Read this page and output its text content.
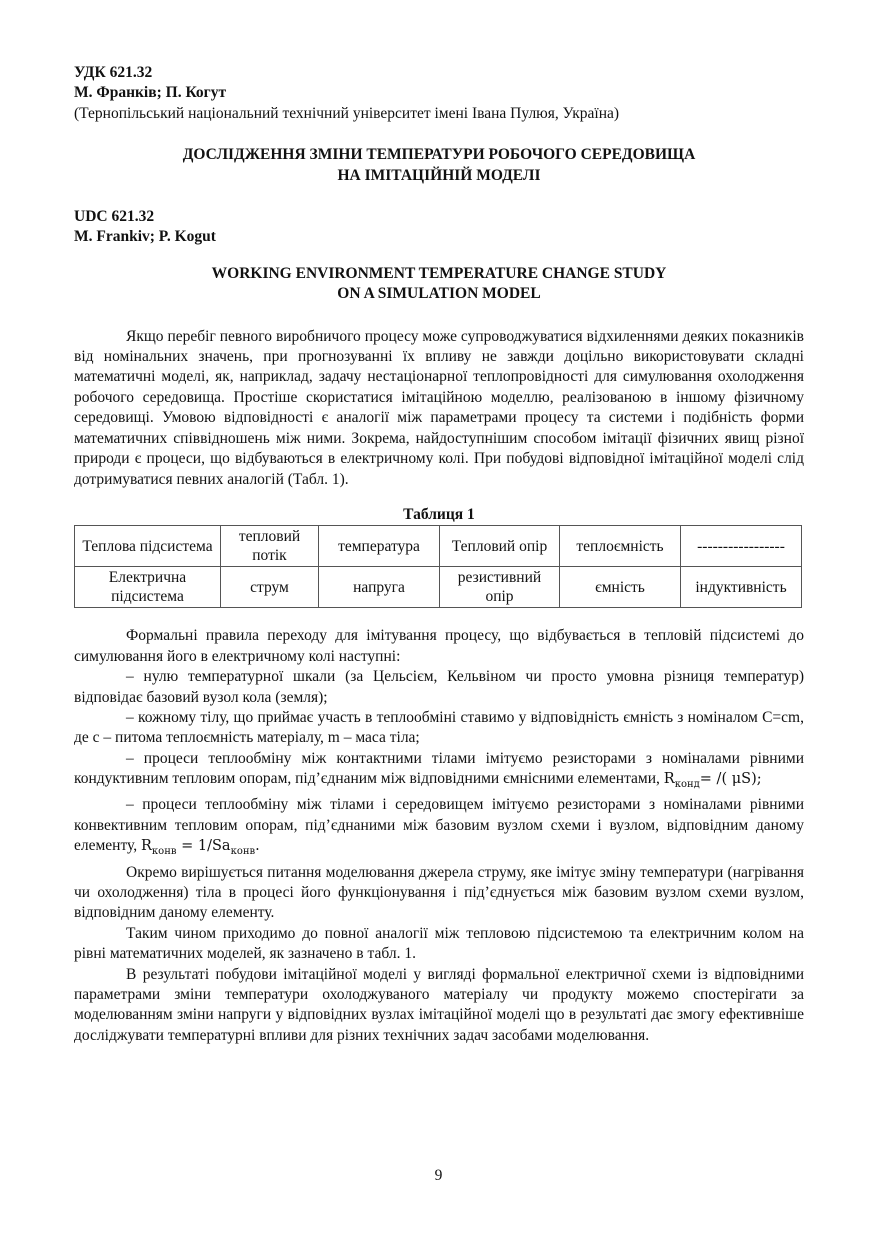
УДК 621.32
М. Франків; П. Когут
(Тернопільський національний технічний університет імені Івана Пулюя, Україна)
ДОСЛІДЖЕННЯ ЗМІНИ ТЕМПЕРАТУРИ РОБОЧОГО СЕРЕДОВИЩА
НА ІМІТАЦІЙНІЙ МОДЕЛІ
UDC 621.32
M. Frankiv; P. Kogut
WORKING ENVIRONMENT TEMPERATURE CHANGE STUDY
ON A SIMULATION MODEL

Якщо перебіг певного виробничого процесу може супроводжуватися відхиленнями деяких показників від номінальних значень, при прогнозуванні їх впливу не завжди доцільно використовувати складні математичні моделі, як, наприклад, задачу нестаціонарної теплопровідності для симулювання охолодження робочого середовища. Простіше скористатися імітаційною моделлю, реалізованою в іншому фізичному середовищі. Умовою відповідності є аналогії між параметрами процесу та системи і подібність форми математичних співвідношень між ними. Зокрема, найдоступнішим способом імітації фізичних явищ різної природи є процеси, що відбуваються в електричному колі. При побудові відповідної імітаційної моделі слід дотримуватися певних аналогій (Табл. 1).

Таблиця 1
Теплова підсистема	тепловий потік	температура	Тепловий опір	теплоємність	-----------------
Електрична підсистема	струм	напруга	резистивний опір	ємність	індуктивність

Формальні правила переходу для імітування процесу, що відбувається в тепловій підсистемі до симулювання його в електричному колі наступні:

– нулю температурної шкали (за Цельсієм, Кельвіном чи просто умовна різниця температур) відповідає базовий вузол кола (земля);

– кожному тілу, що приймає участь в теплообміні ставимо у відповідність ємність з номіналом С=сm, де с – питома теплоємність матеріалу, m – маса тіла;

– процеси теплообміну між контактними тілами імітуємо резисторами з номіналами рівними кондуктивним тепловим опорам, під’єднаним між відповідними ємнісними елементами, $R_{конд}=$ /( μS);

– процеси теплообміну між тілами і середовищем імітуємо резисторами з номіналами рівними конвективним тепловим опорам, під’єднаними між базовим вузлом схеми і вузлом, відповідним даному елементу, $R_{конв} = 1/Sa_{конв}$.

Окремо вирішується питання моделювання джерела струму, яке імітує зміну температури (нагрівання чи охолодження) тіла в процесі його функціонування і під’єднується між базовим вузлом схеми вузлом, відповідним даному елементу.

Таким чином приходимо до повної аналогії між тепловою підсистемою та електричним колом на рівні математичних моделей, як зазначено в табл. 1.

В результаті побудови імітаційної моделі у вигляді формальної електричної схеми із відповідними параметрами зміни температури охолоджуваного матеріалу чи продукту можемо спостерігати за моделюванням зміни напруги у відповідних вузлах імітаційної моделі що в результаті дає змогу ефективніше досліджувати температурні впливи для різних технічних задач засобами моделювання.

9
